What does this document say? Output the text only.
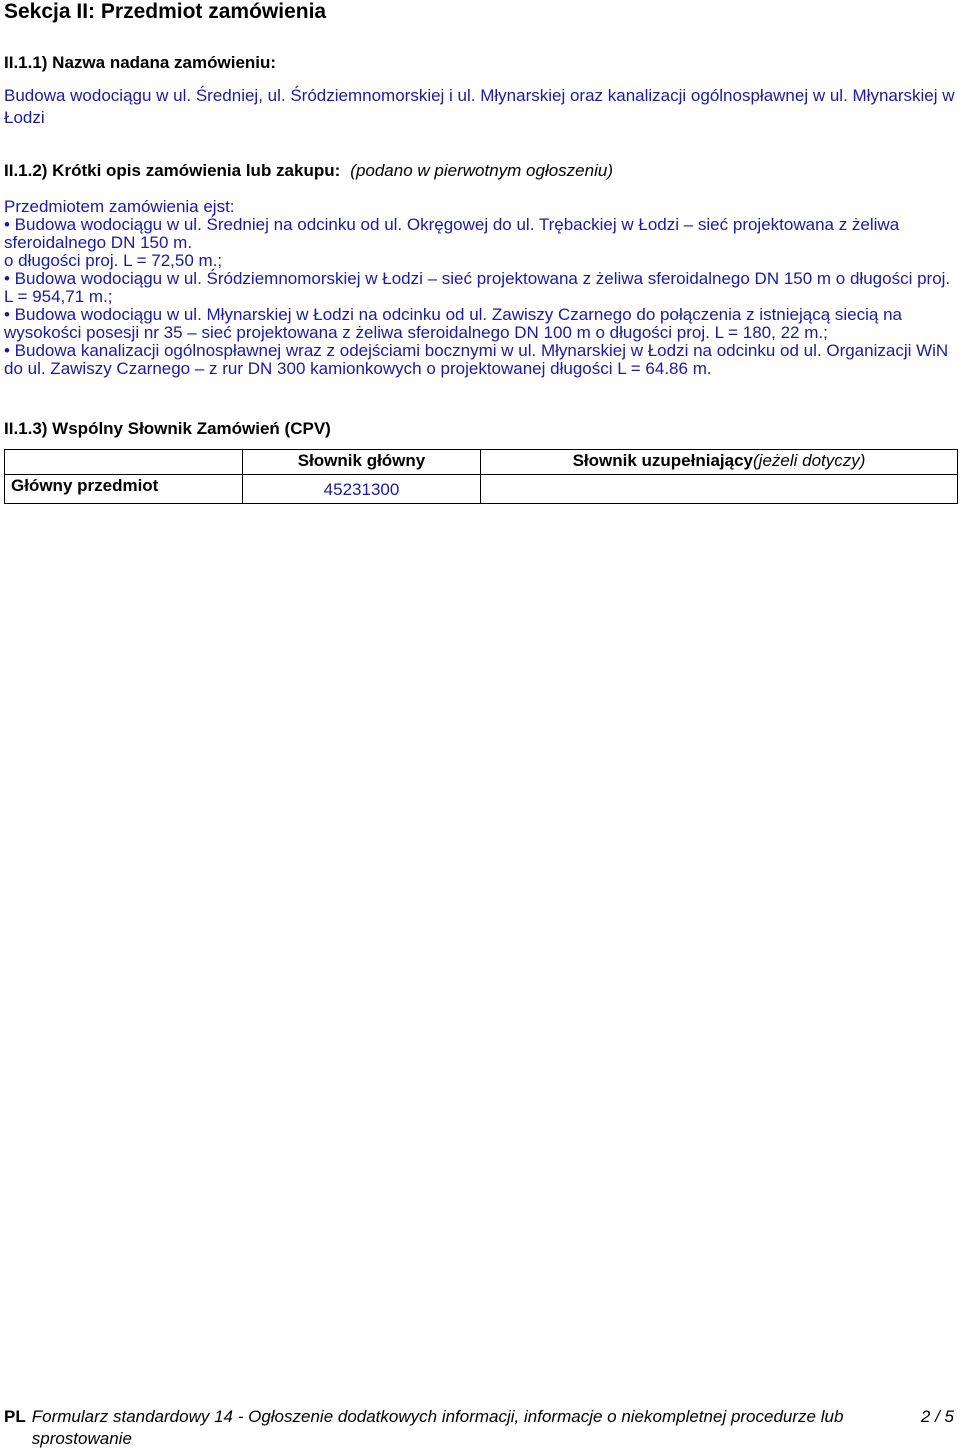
Sekcja II: Przedmiot zamówienia
II.1.1) Nazwa nadana zamówieniu:

Budowa wodociągu w ul. Średniej, ul. Śródziemnomorskiej i ul. Młynarskiej oraz kanalizacji ogólnospławnej w ul. Młynarskiej w Łodzi

II.1.2) Krótki opis zamówienia lub zakupu: (podano w pierwotnym ogłoszeniu)
Przedmiotem zamówienia ejst:
• Budowa wodociągu w ul. Średniej na odcinku od ul. Okręgowej do ul. Trębackiej w Łodzi – sieć projektowana z żeliwa sferoidalnego DN 150 m.
o długości proj. L = 72,50 m.;
• Budowa wodociągu w ul. Śródziemnomorskiej w Łodzi – sieć projektowana z żeliwa sferoidalnego DN 150 m o długości proj. L = 954,71 m.;
• Budowa wodociągu w ul. Młynarskiej w Łodzi na odcinku od ul. Zawiszy Czarnego do połączenia z istniejącą siecią na wysokości posesji nr 35 – sieć projektowana z żeliwa sferoidalnego DN 100 m o długości proj. L = 180, 22 m.;
• Budowa kanalizacji ogólnospławnej wraz z odejściami bocznymi w ul. Młynarskiej w Łodzi na odcinku od ul. Organizacji WiN do ul. Zawiszy Czarnego – z rur DN 300 kamionkowych o projektowanej długości L = 64.86 m.
II.1.3) Wspólny Słownik Zamówień (CPV)
	Słownik główny	Słownik uzupełniający(jeżeli dotyczy)
Główny przedmiot	45231300	
PL Formularz standardowy 14 - Ogłoszenie dodatkowych informacji, informacje o niekompletnej procedurze lub sprostowanie
2 / 5
